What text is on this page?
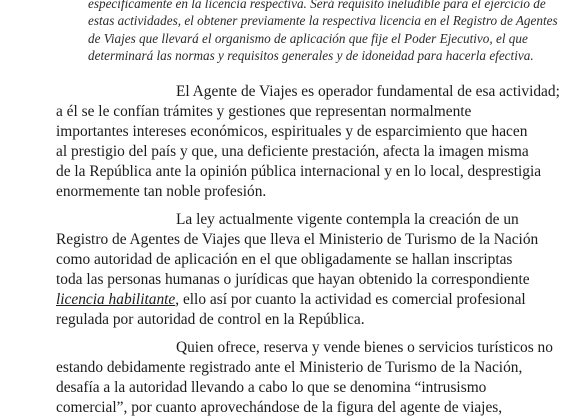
específicamente en la licencia respectiva. Será requisito ineludible para el ejercicio de
estas actividades, el obtener previamente la respectiva licencia en el Registro de Agentes
de Viajes que llevará el organismo de aplicación que fije el Poder Ejecutivo, el que
determinará las normas y requisitos generales y de idoneidad para hacerla efectiva.
El Agente de Viajes es operador fundamental de esa actividad;
a él se le confían trámites y gestiones que representan normalmente
importantes intereses económicos, espirituales y de esparcimiento que hacen
al prestigio del país y que, una deficiente prestación, afecta la imagen misma
de la República ante la opinión pública internacional y en lo local, desprestigia
enormemente tan noble profesión.
La ley actualmente vigente contempla la creación de un
Registro de Agentes de Viajes que lleva el Ministerio de Turismo de la Nación
como autoridad de aplicación en el que obligadamente se hallan inscriptas
toda las personas humanas o jurídicas que hayan obtenido la correspondiente
licencia habilitante, ello así por cuanto la actividad es comercial profesional
regulada por autoridad de control en la República.
Quien ofrece, reserva y vende bienes o servicios turísticos no
estando debidamente registrado ante el Ministerio de Turismo de la Nación,
desafía a la autoridad llevando a cabo lo que se denomina “intrusismo
comercial”, por cuanto aprovechándose de la figura del agente de viajes,
